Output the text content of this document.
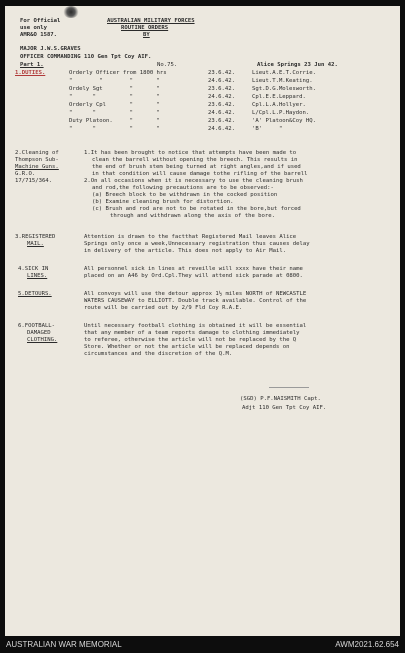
For Official
use only
AMR&O 1587.
AUSTRALIAN MILITARY FORCES
ROUTINE ORDERS
BY
MAJOR J.W.S.GRAVES
OFFICER COMMANDING 110 Gen Tpt Coy AIF.
Part 1.	No.75.	Alice Springs 23 Jun 42.
1.DUTIES.	Orderly Officer from 1800 hrs	23.6.42.	Lieut.A.E.T.Corrie.
"        "        "       "	24.6.42.	Lieut.T.M.Keating.
Ordely Sgt        "       "	23.6.42.	Sgt.D.G.Molesworth.
"      "          "       "	24.6.42.	Cpl.E.E.Leppard.
Orderly Cpl       "       "	23.6.42.	Cpl.L.A.Hollyer.
"      "          "       "	24.6.42.	L/Cpl.L.P.Haydon.
Duty Platoon.     "       "	23.6.42.	'A' Platoon&Coy HQ.
"      "          "       "	24.6.42.	'B'     "
2.Cleaning of
Thompson Sub-
Machine Guns.
G.R.O.
17/715/364.
1.It has been brought to notice that attempts have been made to
clean the barrell without opening the breech. This results in
the end of brush stem being turned at right angles,and if used
in that condition will cause damage tothe rifling of the barrell
2.On all occasions when it is necessary to use the cleaning brush
and rod,the following precautions are to be observed:-
(a) Breech block to be withdrawn in the cocked position
(b) Examine cleaning brush for distortion.
(c) Brush and rod are not to be rotated in the bore,but forced
through and withdrawn along the axis of the bore.
3.REGISTERED
MAIL.
Attention is drawn to the factthat Registered Mail leaves Alice
Springs only once a week,Unnecessary registration thus causes delay
in delivery of the article. This does not apply to Air Mail.
4.SICK IN
LINES.
All personnel sick in lines at reveille will xxxx have their name
placed on an A46 by Ord.Cpl.They will attend sick parade at 0800.
5.DETOURS.	All convoys will use the detour approx 1½ miles NORTH of NEWCASTLE
WATERS CAUSEWAY to ELLIOTT. Double track available. Control of the
route will be carried out by 2/9 Fld Coy R.A.E.
6.FOOTBALL-
DAMAGED
CLOTHING.
Until necessary football clothing is obtained it will be essential
that any member of a team reports damage to clothing immediately
to referee, otherwise the article will not be replaced by the Q
Store. Whether or not the article will be replaced depends on
circumstances and the discretion of the Q.M.
(SGD) P.F.NAISMITH Capt.
Adjt 110 Gen Tpt Coy AIF.
AUSTRALIAN WAR MEMORIAL	AWM2021.62.654
